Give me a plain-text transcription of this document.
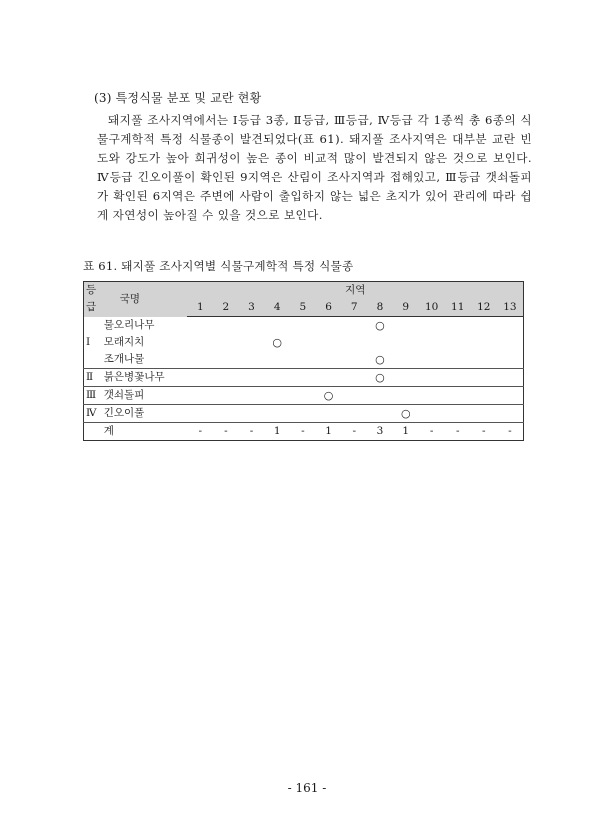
(3) 특정식물 분포 및 교란 현황
돼지풀 조사지역에서는 Ⅰ등급 3종, Ⅱ등급, Ⅲ등급, Ⅳ등급 각 1종씩 총 6종의 식물구계학적 특정 식물종이 발견되었다(표 61). 돼지풀 조사지역은 대부분 교란 빈도와 강도가 높아 희귀성이 높은 종이 비교적 많이 발견되지 않은 것으로 보인다. Ⅳ등급 긴오이풀이 확인된 9지역은 산림이 조사지역과 접해있고, Ⅲ등급 갯쇠돌피가 확인된 6지역은 주변에 사람이 출입하지 않는 넓은 초지가 있어 관리에 따라 쉽게 자연성이 높아질 수 있을 것으로 보인다.
표 61. 돼지풀 조사지역별 식물구계학적 특정 식물종
등급	국명	지역												
		1	2	3	4	5	6	7	8	9	10	11	12	13
	물오리나무								○					
Ⅰ	모래지치				○									
	조개나물								○					
Ⅱ	붉은병꽃나무								○					
Ⅲ	갯쇠돌피						○							
Ⅳ	긴오이풀									○				
	계	-	-	-	1	-	1	-	3	1	-	-	-	-
- 161 -
